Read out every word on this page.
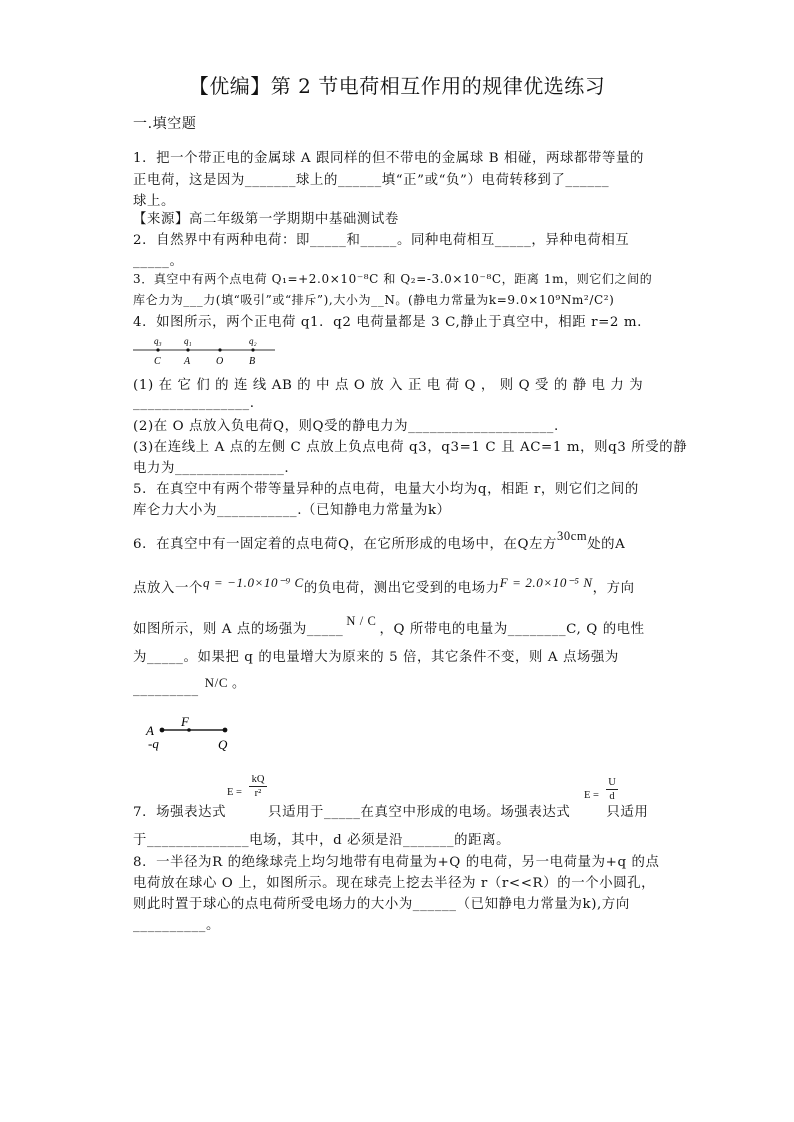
【优编】第 2 节电荷相互作用的规律优选练习
一.填空题
1．把一个带正电的金属球 A 跟同样的但不带电的金属球 B 相碰，两球都带等量的
正电荷，这是因为_______球上的______填“正”或“负”）电荷转移到了______
球上。
【来源】高二年级第一学期期中基础测试卷
2．自然界中有两种电荷：即_____和_____。同种电荷相互_____，异种电荷相互
_____。
3．真空中有两个点电荷 Q₁=+2.0×10⁻⁸C 和 Q₂=-3.0×10⁻⁸C，距离 1m，则它们之间的
库仑力为___力(填“吸引”或“排斥”),大小为__N。(静电力常量为k=9.0×10⁹Nm²/C²)
4．如图所示，两个正电荷 q1．q2 电荷量都是 3 C,静止于真空中，相距 r=2 m.
q₃ q₁	q₂
C A	O	B
(1) 在 它 们 的 连 线 AB 的 中 点 O 放 入 正 电 荷 Q ， 则 Q 受 的 静 电 力 为
________________.
(2)在 O 点放入负电荷Q，则Q受的静电力为____________________.
(3)在连线上 A 点的左侧 C 点放上负点电荷 q3，q3=1 C 且 AC=1 m，则q3 所受的静
电力为_______________.
5．在真空中有两个带等量异种的点电荷，电量大小均为q，相距 r，则它们之间的
库仑力大小为___________.（已知静电力常量为k）
6．在真空中有一固定着的点电荷Q，在它所形成的电场中，在Q左方30cm处的A
点放入一个q = −1.0×10⁻⁹ C的负电荷，测出它受到的电场力F = 2.0×10⁻⁵ N，方向
如图所示，则 A 点的场强为_____N / C，Q 所带电的电量为________C, Q 的电性
为_____。如果把 q 的电量增大为原来的 5 倍，其它条件不变，则 A 点场强为
_________ N/C 。
A
F
-q	Q
E =
kQ
r²	E =
U
d
7．场强表达式	只适用于_____在真空中形成的电场。场强表达式	只适用
于______________电场，其中，d 必须是沿_______的距离。
8．一半径为R 的绝缘球壳上均匀地带有电荷量为+Q 的电荷，另一电荷量为+q 的点
电荷放在球心 O 上，如图所示。现在球壳上挖去半径为 r（r<<R）的一个小圆孔，
则此时置于球心的点电荷所受电场力的大小为______（已知静电力常量为k),方向
__________。
